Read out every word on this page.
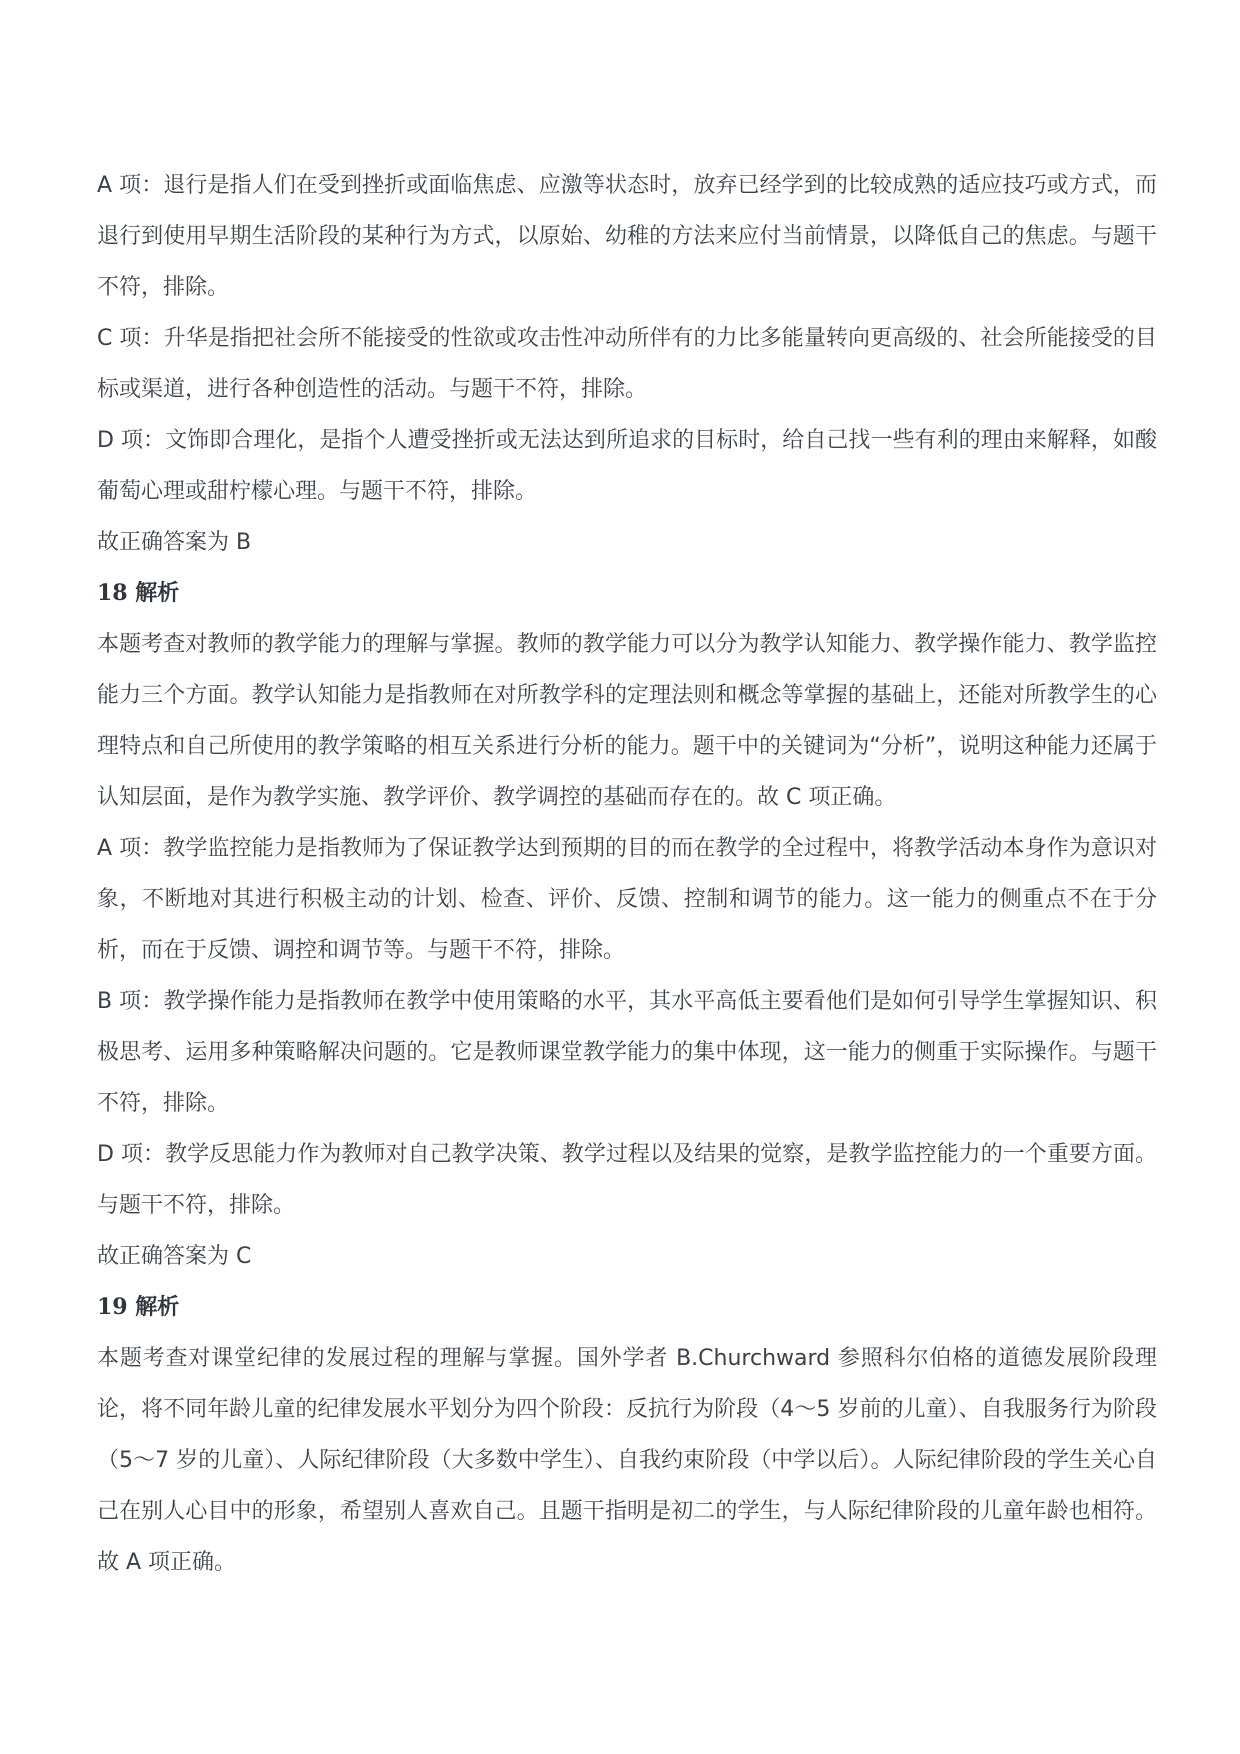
A 项：退行是指人们在受到挫折或面临焦虑、应激等状态时，放弃已经学到的比较成熟的适应技巧或方式，而退行到使用早期生活阶段的某种行为方式，以原始、幼稚的方法来应付当前情景，以降低自己的焦虑。与题干不符，排除。

C 项：升华是指把社会所不能接受的性欲或攻击性冲动所伴有的力比多能量转向更高级的、社会所能接受的目标或渠道，进行各种创造性的活动。与题干不符，排除。

D 项：文饰即合理化，是指个人遭受挫折或无法达到所追求的目标时，给自己找一些有利的理由来解释，如酸葡萄心理或甜柠檬心理。与题干不符，排除。

故正确答案为 B

18 解析

本题考查对教师的教学能力的理解与掌握。教师的教学能力可以分为教学认知能力、教学操作能力、教学监控能力三个方面。教学认知能力是指教师在对所教学科的定理法则和概念等掌握的基础上，还能对所教学生的心理特点和自己所使用的教学策略的相互关系进行分析的能力。题干中的关键词为“分析”，说明这种能力还属于认知层面，是作为教学实施、教学评价、教学调控的基础而存在的。故 C 项正确。

A 项：教学监控能力是指教师为了保证教学达到预期的目的而在教学的全过程中，将教学活动本身作为意识对象，不断地对其进行积极主动的计划、检查、评价、反馈、控制和调节的能力。这一能力的侧重点不在于分析，而在于反馈、调控和调节等。与题干不符，排除。

B 项：教学操作能力是指教师在教学中使用策略的水平，其水平高低主要看他们是如何引导学生掌握知识、积极思考、运用多种策略解决问题的。它是教师课堂教学能力的集中体现，这一能力的侧重于实际操作。与题干不符，排除。

D 项：教学反思能力作为教师对自己教学决策、教学过程以及结果的觉察，是教学监控能力的一个重要方面。与题干不符，排除。

故正确答案为 C

19 解析

本题考查对课堂纪律的发展过程的理解与掌握。国外学者 B.Churchward 参照科尔伯格的道德发展阶段理论，将不同年龄儿童的纪律发展水平划分为四个阶段：反抗行为阶段（4～5 岁前的儿童）、自我服务行为阶段（5～7 岁的儿童）、人际纪律阶段（大多数中学生）、自我约束阶段（中学以后）。人际纪律阶段的学生关心自己在别人心目中的形象，希望别人喜欢自己。且题干指明是初二的学生，与人际纪律阶段的儿童年龄也相符。故 A 项正确。
